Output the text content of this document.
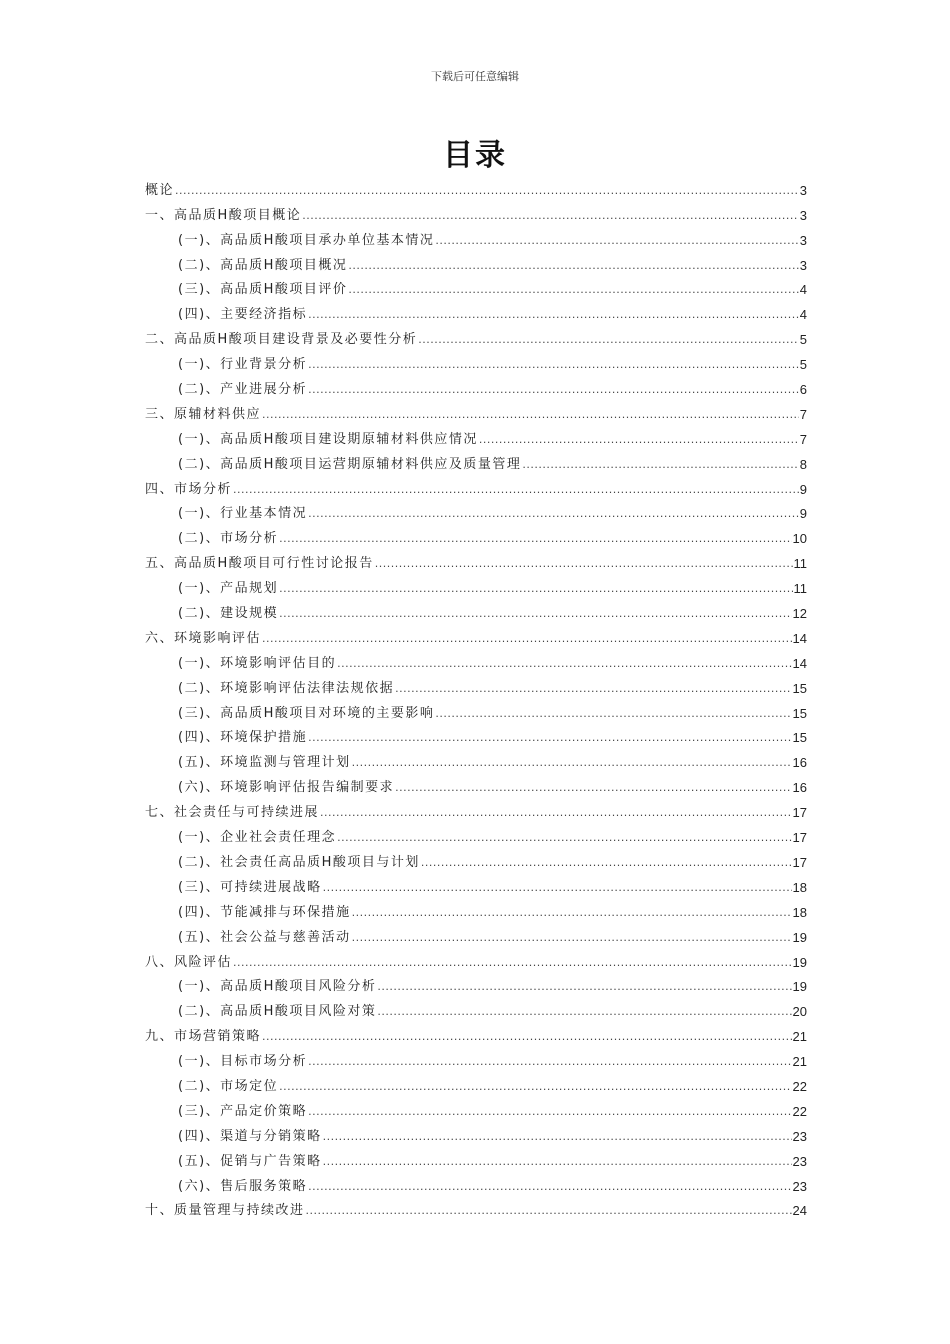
下载后可任意编辑
目录
概论 .....	3
一、高品质H酸项目概论 .....	3
(一)、高品质H酸项目承办单位基本情况 .....	3
(二)、高品质H酸项目概况 .....	3
(三)、高品质H酸项目评价 .....	4
(四)、主要经济指标 .....	4
二、高品质H酸项目建设背景及必要性分析 .....	5
(一)、行业背景分析 .....	5
(二)、产业进展分析 .....	6
三、原辅材料供应 .....	7
(一)、高品质H酸项目建设期原辅材料供应情况 .....	7
(二)、高品质H酸项目运营期原辅材料供应及质量管理 .....	8
四、市场分析 .....	9
(一)、行业基本情况 .....	9
(二)、市场分析 .....	10
五、高品质H酸项目可行性讨论报告 .....	11
(一)、产品规划 .....	11
(二)、建设规模 .....	12
六、环境影响评估 .....	14
(一)、环境影响评估目的 .....	14
(二)、环境影响评估法律法规依据 .....	15
(三)、高品质H酸项目对环境的主要影响 .....	15
(四)、环境保护措施 .....	15
(五)、环境监测与管理计划 .....	16
(六)、环境影响评估报告编制要求 .....	16
七、社会责任与可持续进展 .....	17
(一)、企业社会责任理念 .....	17
(二)、社会责任高品质H酸项目与计划 .....	17
(三)、可持续进展战略 .....	18
(四)、节能减排与环保措施 .....	18
(五)、社会公益与慈善活动 .....	19
八、风险评估 .....	19
(一)、高品质H酸项目风险分析 .....	19
(二)、高品质H酸项目风险对策 .....	20
九、市场营销策略 .....	21
(一)、目标市场分析 .....	21
(二)、市场定位 .....	22
(三)、产品定价策略 .....	22
(四)、渠道与分销策略 .....	23
(五)、促销与广告策略 .....	23
(六)、售后服务策略 .....	23
十、质量管理与持续改进 .....	24
